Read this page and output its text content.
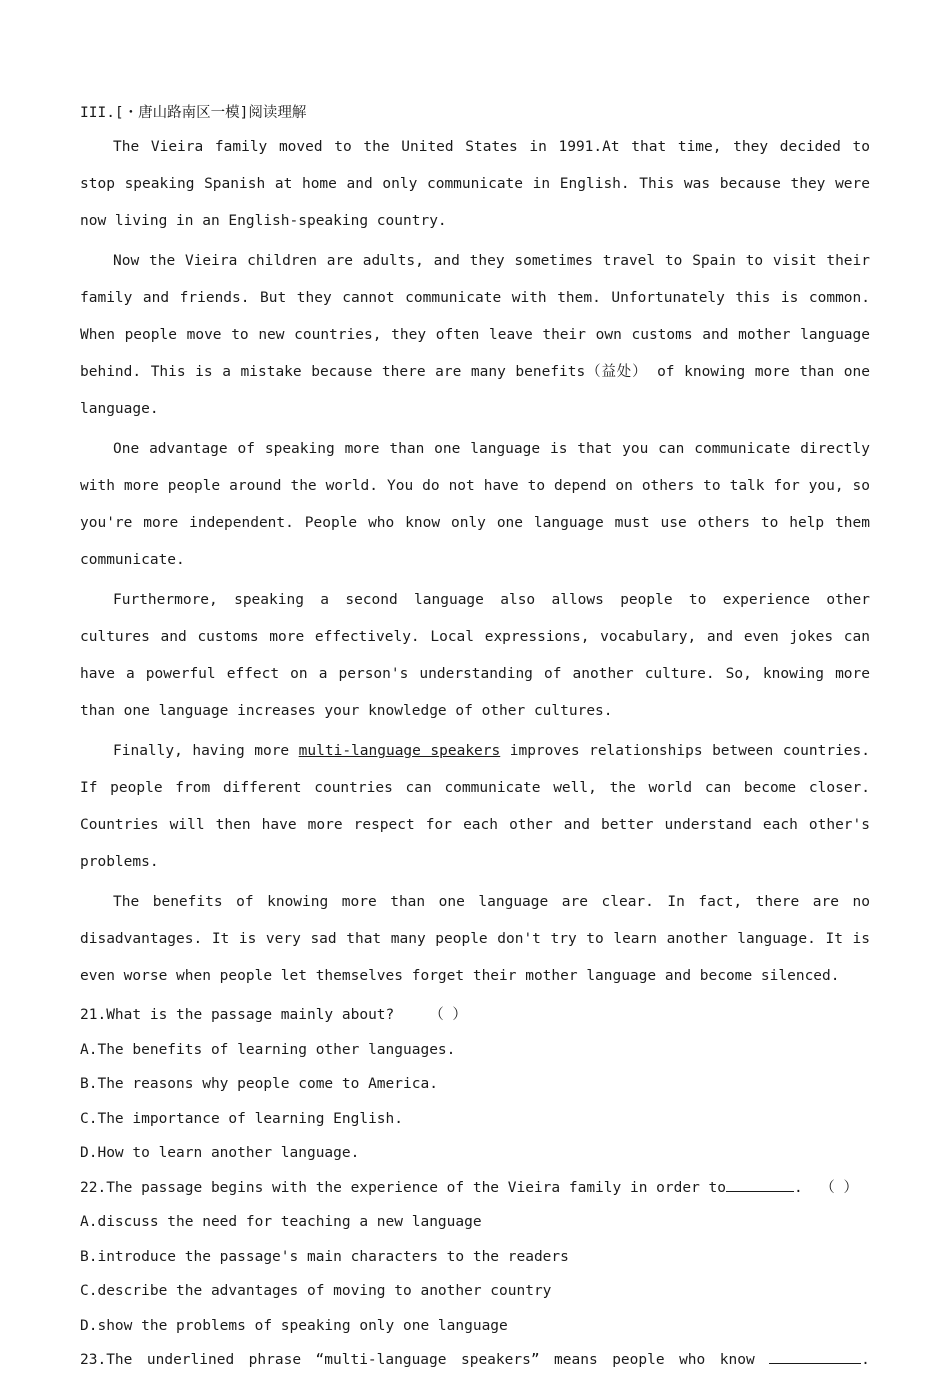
III.[・唐山路南区一模]阅读理解

The Vieira family moved to the United States in 1991.At that time, they decided to stop speaking Spanish at home and only communicate in English. This was because they were now living in an English-speaking country.

Now the Vieira children are adults, and they sometimes travel to Spain to visit their family and friends. But they cannot communicate with them. Unfortunately this is common. When people move to new countries, they often leave their own customs and mother language behind. This is a mistake because there are many benefits（益处） of knowing more than one language.

One advantage of speaking more than one language is that you can communicate directly with more people around the world. You do not have to depend on others to talk for you, so you're more independent. People who know only one language must use others to help them communicate.

Furthermore, speaking a second language also allows people to experience other cultures and customs more effectively. Local expressions, vocabulary, and even jokes can have a powerful effect on a person's understanding of another culture. So, knowing more than one language increases your knowledge of other cultures.

Finally, having more multi-language speakers improves relationships between countries. If people from different countries can communicate well, the world can become closer. Countries will then have more respect for each other and better understand each other's problems.

The benefits of knowing more than one language are clear. In fact, there are no disadvantages. It is very sad that many people don't try to learn another language. It is even worse when people let themselves forget their mother language and become silenced.

21.What is the passage mainly about? （ ）

A.The benefits of learning other languages.

B.The reasons why people come to America.

C.The importance of learning English.

D.How to learn another language.

22.The passage begins with the experience of the Vieira family in order to	. （ ）

A.discuss the need for teaching a new language

B.introduce the passage's main characters to the readers

C.describe the advantages of moving to another country

D.show the problems of speaking only one language

23.The underlined phrase “multi-language speakers” means people who know	.
